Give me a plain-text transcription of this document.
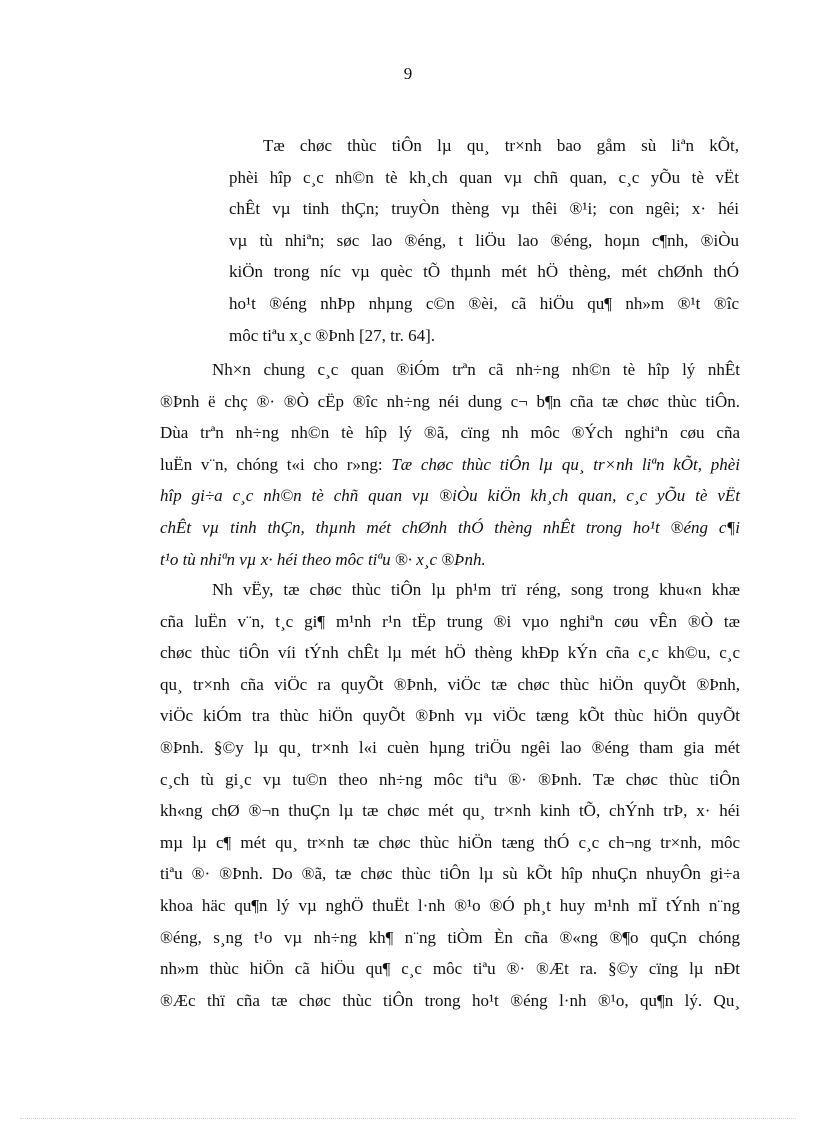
9
Tæ chøc thùc tiÔn lµ qu¸ tr×nh bao gåm sù liªn kÕt,
phèi hîp c¸c nh©n tè kh¸ch quan vµ chñ quan, c¸c yÕu tè vËt
chÊt vµ tinh thÇn; truyÒn thèng vµ thêi ®¹i; con ngêi; x· héi
vµ tù nhiªn; søc lao ®éng, t liÖu lao ®éng, hoµn c¶nh, ®iÒu
kiÖn trong níc vµ quèc tÕ thµnh mét hÖ thèng, mét chØnh thÓ
ho¹t ®éng nhÞp nhµng c©n ®èi, cã hiÖu qu¶ nh»m ®¹t ®îc
môc tiªu x¸c ®Þnh [27, tr. 64].
Nh×n chung c¸c quan ®iÓm trªn cã nh÷ng nh©n tè hîp lý nhÊt
®Þnh ë chç ®· ®Ò cËp ®îc nh÷ng néi dung c¬ b¶n cña tæ chøc thùc tiÔn.
Dùa trªn nh÷ng nh©n tè hîp lý ®ã, cïng nh môc ®Ých nghiªn cøu cña
luËn v¨n, chóng t«i cho r»ng: Tæ chøc thùc tiÔn lµ qu¸ tr×nh liªn kÕt, phèi
hîp gi÷a c¸c nh©n tè chñ quan vµ ®iÒu kiÖn kh¸ch quan, c¸c yÕu tè vËt
chÊt vµ tinh thÇn, thµnh mét chØnh thÓ thèng nhÊt trong ho¹t ®éng c¶i
t¹o tù nhiªn vµ x· héi theo môc tiªu ®· x¸c ®Þnh.
Nh vËy, tæ chøc thùc tiÔn lµ ph¹m trï réng, song trong khu«n khæ
cña luËn v¨n, t¸c gi¶ m¹nh r¹n tËp trung ®i vµo nghiªn cøu vÊn ®Ò tæ
chøc thùc tiÔn víi tÝnh chÊt lµ mét hÖ thèng khÐp kÝn cña c¸c kh©u, c¸c
qu¸ tr×nh cña viÖc ra quyÕt ®Þnh, viÖc tæ chøc thùc hiÖn quyÕt ®Þnh,
viÖc kiÓm tra thùc hiÖn quyÕt ®Þnh vµ viÖc tæng kÕt thùc hiÖn quyÕt
®Þnh. §©y lµ qu¸ tr×nh l«i cuèn hµng triÖu ngêi lao ®éng tham gia mét
c¸ch tù gi¸c vµ tu©n theo nh÷ng môc tiªu ®· ®Þnh. Tæ chøc thùc tiÔn
kh«ng chØ ®¬n thuÇn lµ tæ chøc mét qu¸ tr×nh kinh tÕ, chÝnh trÞ, x· héi
mµ lµ c¶ mét qu¸ tr×nh tæ chøc thùc hiÖn tæng thÓ c¸c ch¬ng tr×nh, môc
tiªu ®· ®Þnh. Do ®ã, tæ chøc thùc tiÔn lµ sù kÕt hîp nhuÇn nhuyÔn gi÷a
khoa häc qu¶n lý vµ nghÖ thuËt l·nh ®¹o ®Ó ph¸t huy m¹nh mÏ tÝnh n¨ng
®éng, s¸ng t¹o vµ nh÷ng kh¶ n¨ng tiÒm Èn cña ®«ng ®¶o quÇn chóng
nh»m thùc hiÖn cã hiÖu qu¶ c¸c môc tiªu ®· ®Æt ra. §©y cïng lµ nÐt
®Æc thï cña tæ chøc thùc tiÔn trong ho¹t ®éng l·nh ®¹o, qu¶n lý. Qu¸
